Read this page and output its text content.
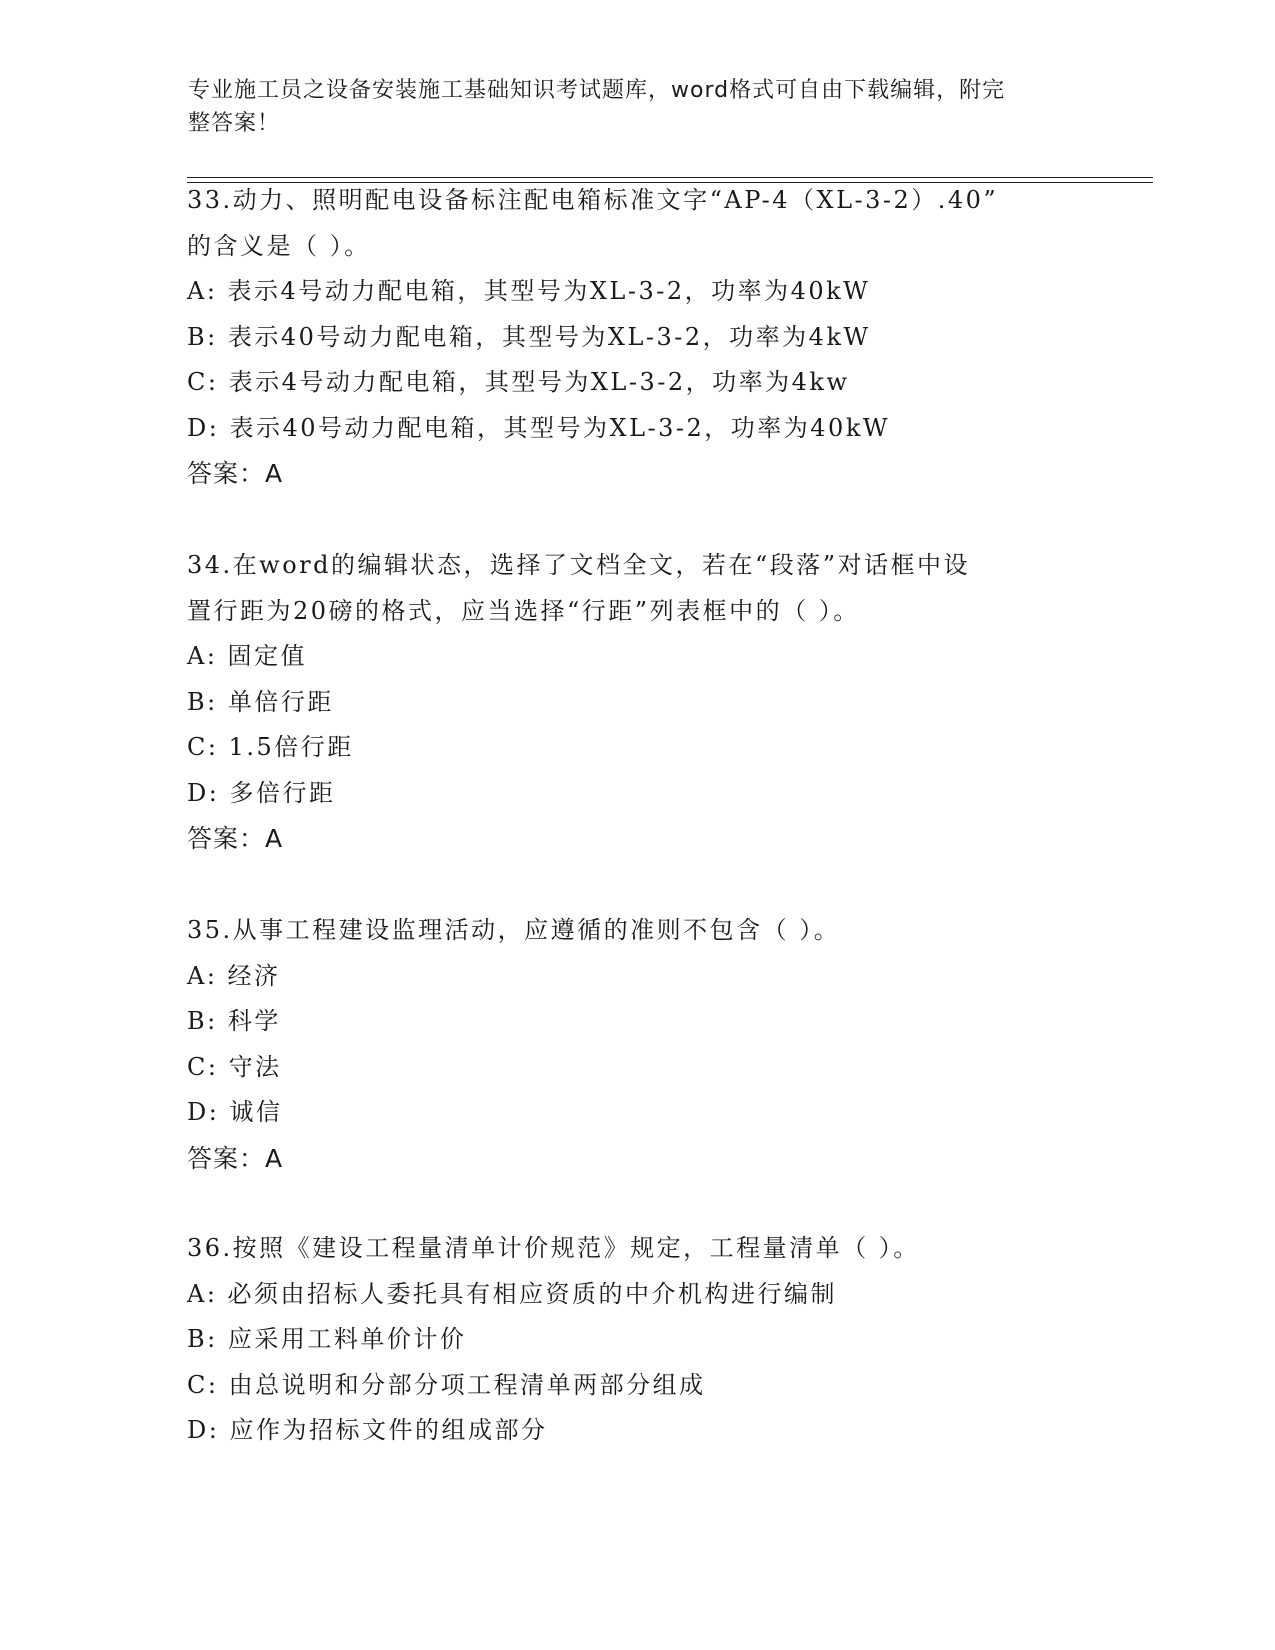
专业施工员之设备安装施工基础知识考试题库，word格式可自由下载编辑，附完
整答案！
33.动力、照明配电设备标注配电箱标准文字“AP-4（XL-3-2）.40”
的含义是（ ）。
A: 表示4号动力配电箱，其型号为XL-3-2，功率为40kW
B: 表示40号动力配电箱，其型号为XL-3-2，功率为4kW
C: 表示4号动力配电箱，其型号为XL-3-2，功率为4kw
D: 表示40号动力配电箱，其型号为XL-3-2，功率为40kW
答案：A
34.在word的编辑状态，选择了文档全文，若在“段落”对话框中设
置行距为20磅的格式，应当选择“行距”列表框中的（ ）。
A: 固定值
B: 单倍行距
C: 1.5倍行距
D: 多倍行距
答案：A
35.从事工程建设监理活动，应遵循的准则不包含（ ）。
A: 经济
B: 科学
C: 守法
D: 诚信
答案：A
36.按照《建设工程量清单计价规范》规定，工程量清单（ ）。
A: 必须由招标人委托具有相应资质的中介机构进行编制
B: 应采用工料单价计价
C: 由总说明和分部分项工程清单两部分组成
D: 应作为招标文件的组成部分
